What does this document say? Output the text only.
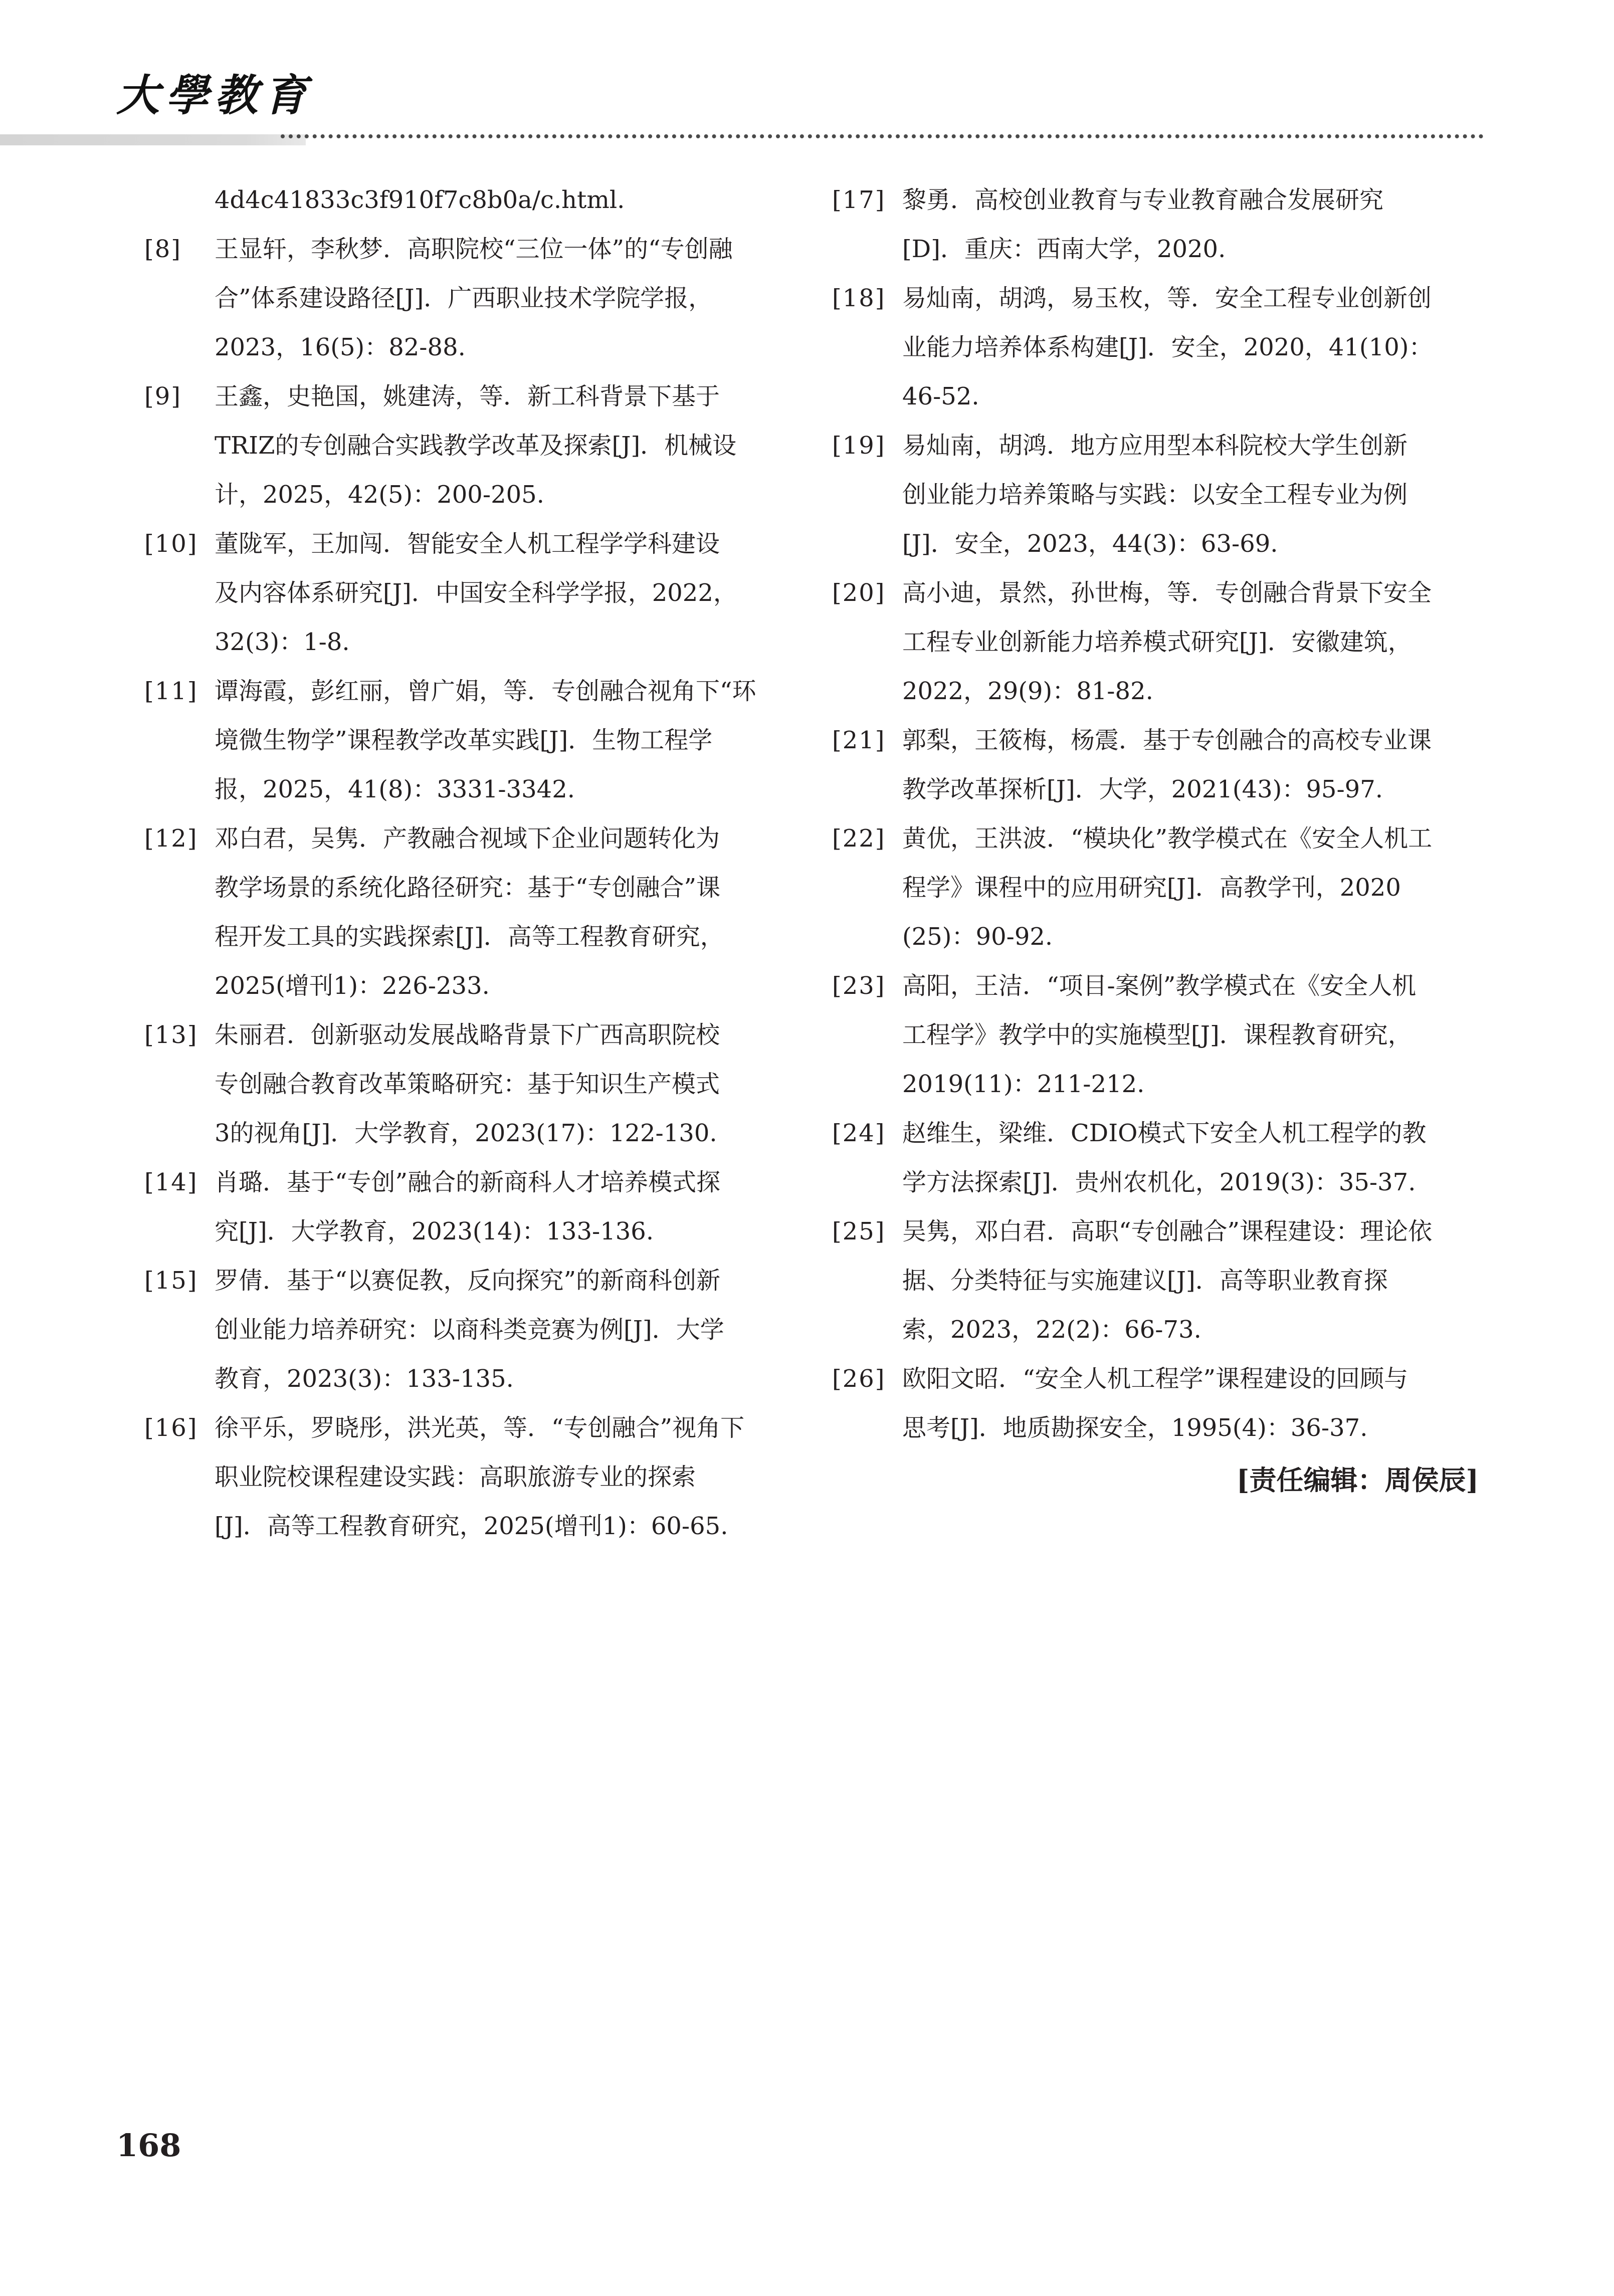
大學教育
4d4c41833c3f910f7c8b0a/c.html.
[8]	王显轩，李秋梦．高职院校“三位一体”的“专创融
合”体系建设路径[J]．广西职业技术学院学报，
2023，16(5)：82-88.
[9]	王鑫，史艳国，姚建涛，等．新工科背景下基于
TRIZ的专创融合实践教学改革及探索[J]．机械设
计，2025，42(5)：200-205.
[10] 董陇军，王加闯．智能安全人机工程学学科建设
及内容体系研究[J]．中国安全科学学报，2022，
32(3)：1-8.
[11] 谭海霞，彭红丽，曾广娟，等．专创融合视角下“环
境微生物学”课程教学改革实践[J]．生物工程学
报，2025，41(8)：3331-3342.
[12] 邓白君，吴隽．产教融合视域下企业问题转化为
教学场景的系统化路径研究：基于“专创融合”课
程开发工具的实践探索[J]．高等工程教育研究，
2025(增刊1)：226-233.
[13] 朱丽君．创新驱动发展战略背景下广西高职院校
专创融合教育改革策略研究：基于知识生产模式
3的视角[J]．大学教育，2023(17)：122-130.
[14] 肖璐．基于“专创”融合的新商科人才培养模式探
究[J]．大学教育，2023(14)：133-136.
[15] 罗倩．基于“以赛促教，反向探究”的新商科创新
创业能力培养研究：以商科类竞赛为例[J]．大学
教育，2023(3)：133-135.
[16] 徐平乐，罗晓彤，洪光英，等．“专创融合”视角下
职业院校课程建设实践：高职旅游专业的探索
[J]．高等工程教育研究，2025(增刊1)：60-65.
[17] 黎勇．高校创业教育与专业教育融合发展研究
[D]．重庆：西南大学，2020.
[18] 易灿南，胡鸿，易玉枚，等．安全工程专业创新创
业能力培养体系构建[J]．安全，2020，41(10)：
46-52.
[19] 易灿南，胡鸿．地方应用型本科院校大学生创新
创业能力培养策略与实践：以安全工程专业为例
[J]．安全，2023，44(3)：63-69.
[20] 高小迪，景然，孙世梅，等．专创融合背景下安全
工程专业创新能力培养模式研究[J]．安徽建筑，
2022，29(9)：81-82.
[21] 郭梨，王筱梅，杨震．基于专创融合的高校专业课
教学改革探析[J]．大学，2021(43)：95-97.
[22] 黄优，王洪波．“模块化”教学模式在《安全人机工
程学》课程中的应用研究[J]．高教学刊，2020
(25)：90-92.
[23] 高阳，王洁．“项目-案例”教学模式在《安全人机
工程学》教学中的实施模型[J]．课程教育研究，
2019(11)：211-212.
[24] 赵维生，梁维．CDIO模式下安全人机工程学的教
学方法探索[J]．贵州农机化，2019(3)：35-37.
[25] 吴隽，邓白君．高职“专创融合”课程建设：理论依
据、分类特征与实施建议[J]．高等职业教育探
索，2023，22(2)：66-73.
[26] 欧阳文昭．“安全人机工程学”课程建设的回顾与
思考[J]．地质勘探安全，1995(4)：36-37.
[责任编辑：周侯辰]
168
